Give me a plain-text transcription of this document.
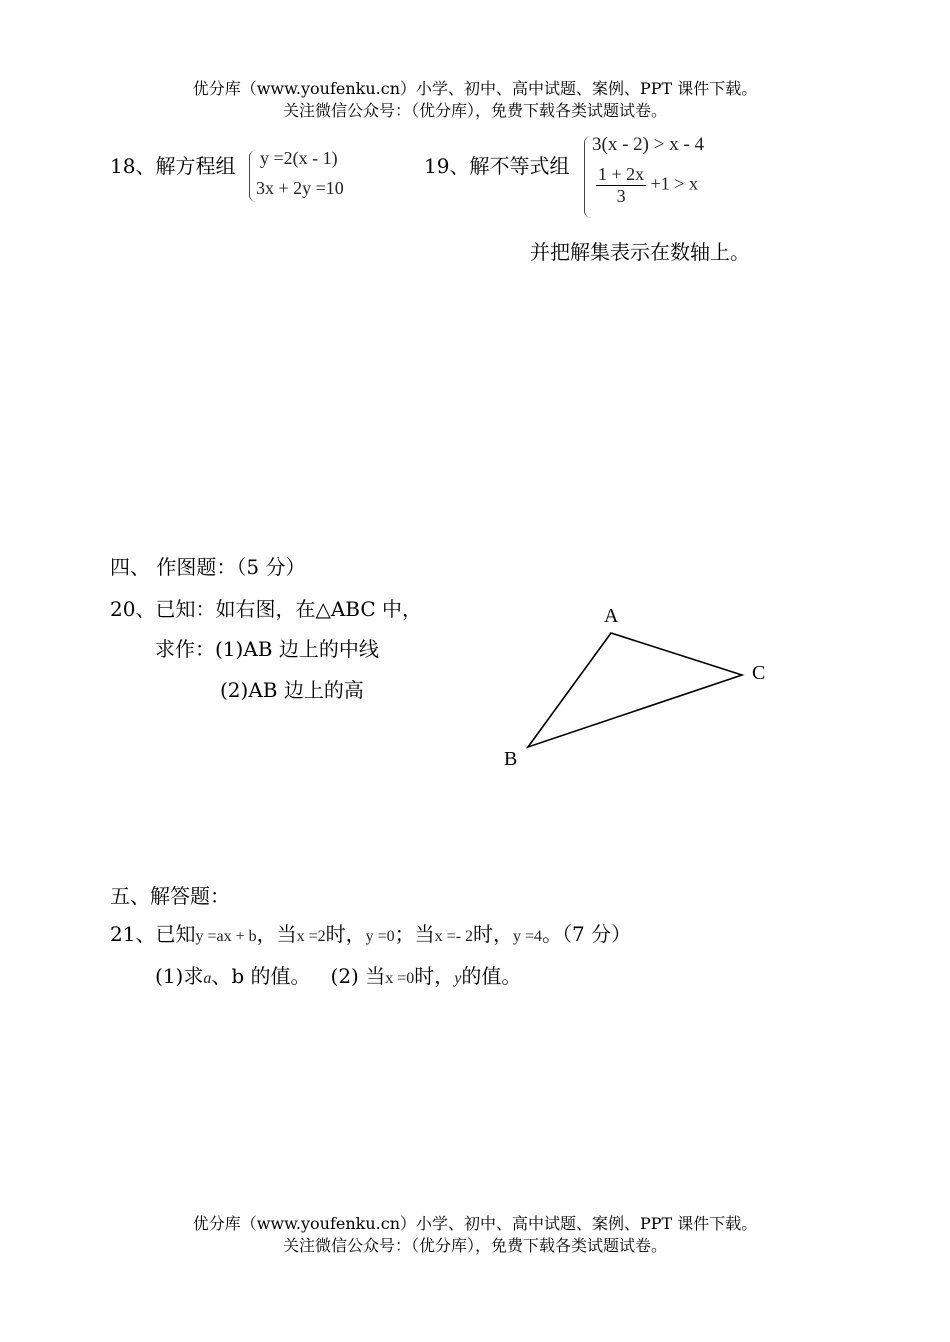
优分库（www.youfenku.cn）小学、初中、高中试题、案例、PPT 课件下载。
关注微信公众号：（优分库），免费下载各类试题试卷。
18、解方程组 y =2(x - 1)
3x + 2y =10
19、解不等式组
3(x - 2) > x - 4
$\frac{1 + 2x}{3} +1 > x$
并把解集表示在数轴上。
四、 作图题：（5 分）
20、已知：如右图，在△ABC 中，
求作：(1)AB 边上的中线
(2)AB 边上的高
A
C
B
五、解答题：
21、已知y =ax + b，当x =2时，y =0；当x =- 2时，y =4。（7 分）
(1)求a、b 的值。 (2) 当x =0时，y的值。
优分库（www.youfenku.cn）小学、初中、高中试题、案例、PPT 课件下载。
关注微信公众号：（优分库），免费下载各类试题试卷。
